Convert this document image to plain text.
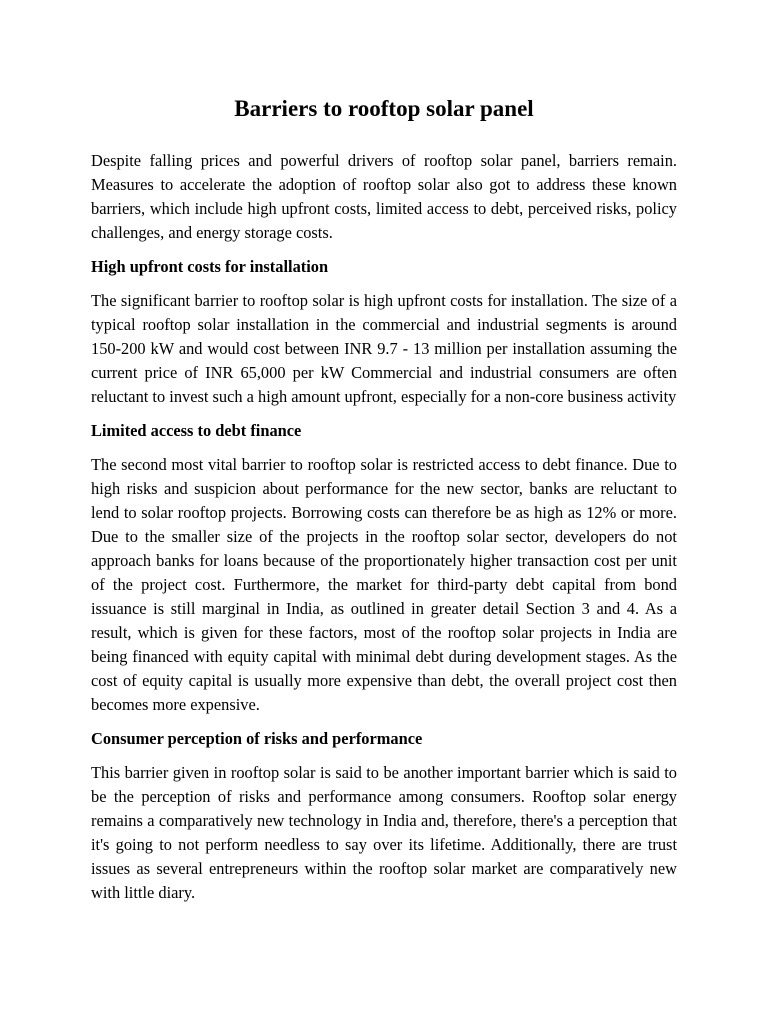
Barriers to rooftop solar panel

Despite falling prices and powerful drivers of rooftop solar panel, barriers remain. Measures to accelerate the adoption of rooftop solar also got to address these known barriers, which include high upfront costs, limited access to debt, perceived risks, policy challenges, and energy storage costs.

High upfront costs for installation

The significant barrier to rooftop solar is high upfront costs for installation. The size of a typical rooftop solar installation in the commercial and industrial segments is around 150-200 kW and would cost between INR 9.7 - 13 million per installation assuming the current price of INR 65,000 per kW Commercial and industrial consumers are often reluctant to invest such a high amount upfront, especially for a non-core business activity

Limited access to debt finance

The second most vital barrier to rooftop solar is restricted access to debt finance. Due to high risks and suspicion about performance for the new sector, banks are reluctant to lend to solar rooftop projects. Borrowing costs can therefore be as high as 12% or more. Due to the smaller size of the projects in the rooftop solar sector, developers do not approach banks for loans because of the proportionately higher transaction cost per unit of the project cost. Furthermore, the market for third-party debt capital from bond issuance is still marginal in India, as outlined in greater detail Section 3 and 4. As a result, which is given for these factors, most of the rooftop solar projects in India are being financed with equity capital with minimal debt during development stages. As the cost of equity capital is usually more expensive than debt, the overall project cost then becomes more expensive.

Consumer perception of risks and performance

This barrier given in rooftop solar is said to be another important barrier which is said to be the perception of risks and performance among consumers. Rooftop solar energy remains a comparatively new technology in India and, therefore, there's a perception that it's going to not perform needless to say over its lifetime. Additionally, there are trust issues as several entrepreneurs within the rooftop solar market are comparatively new with little diary.
